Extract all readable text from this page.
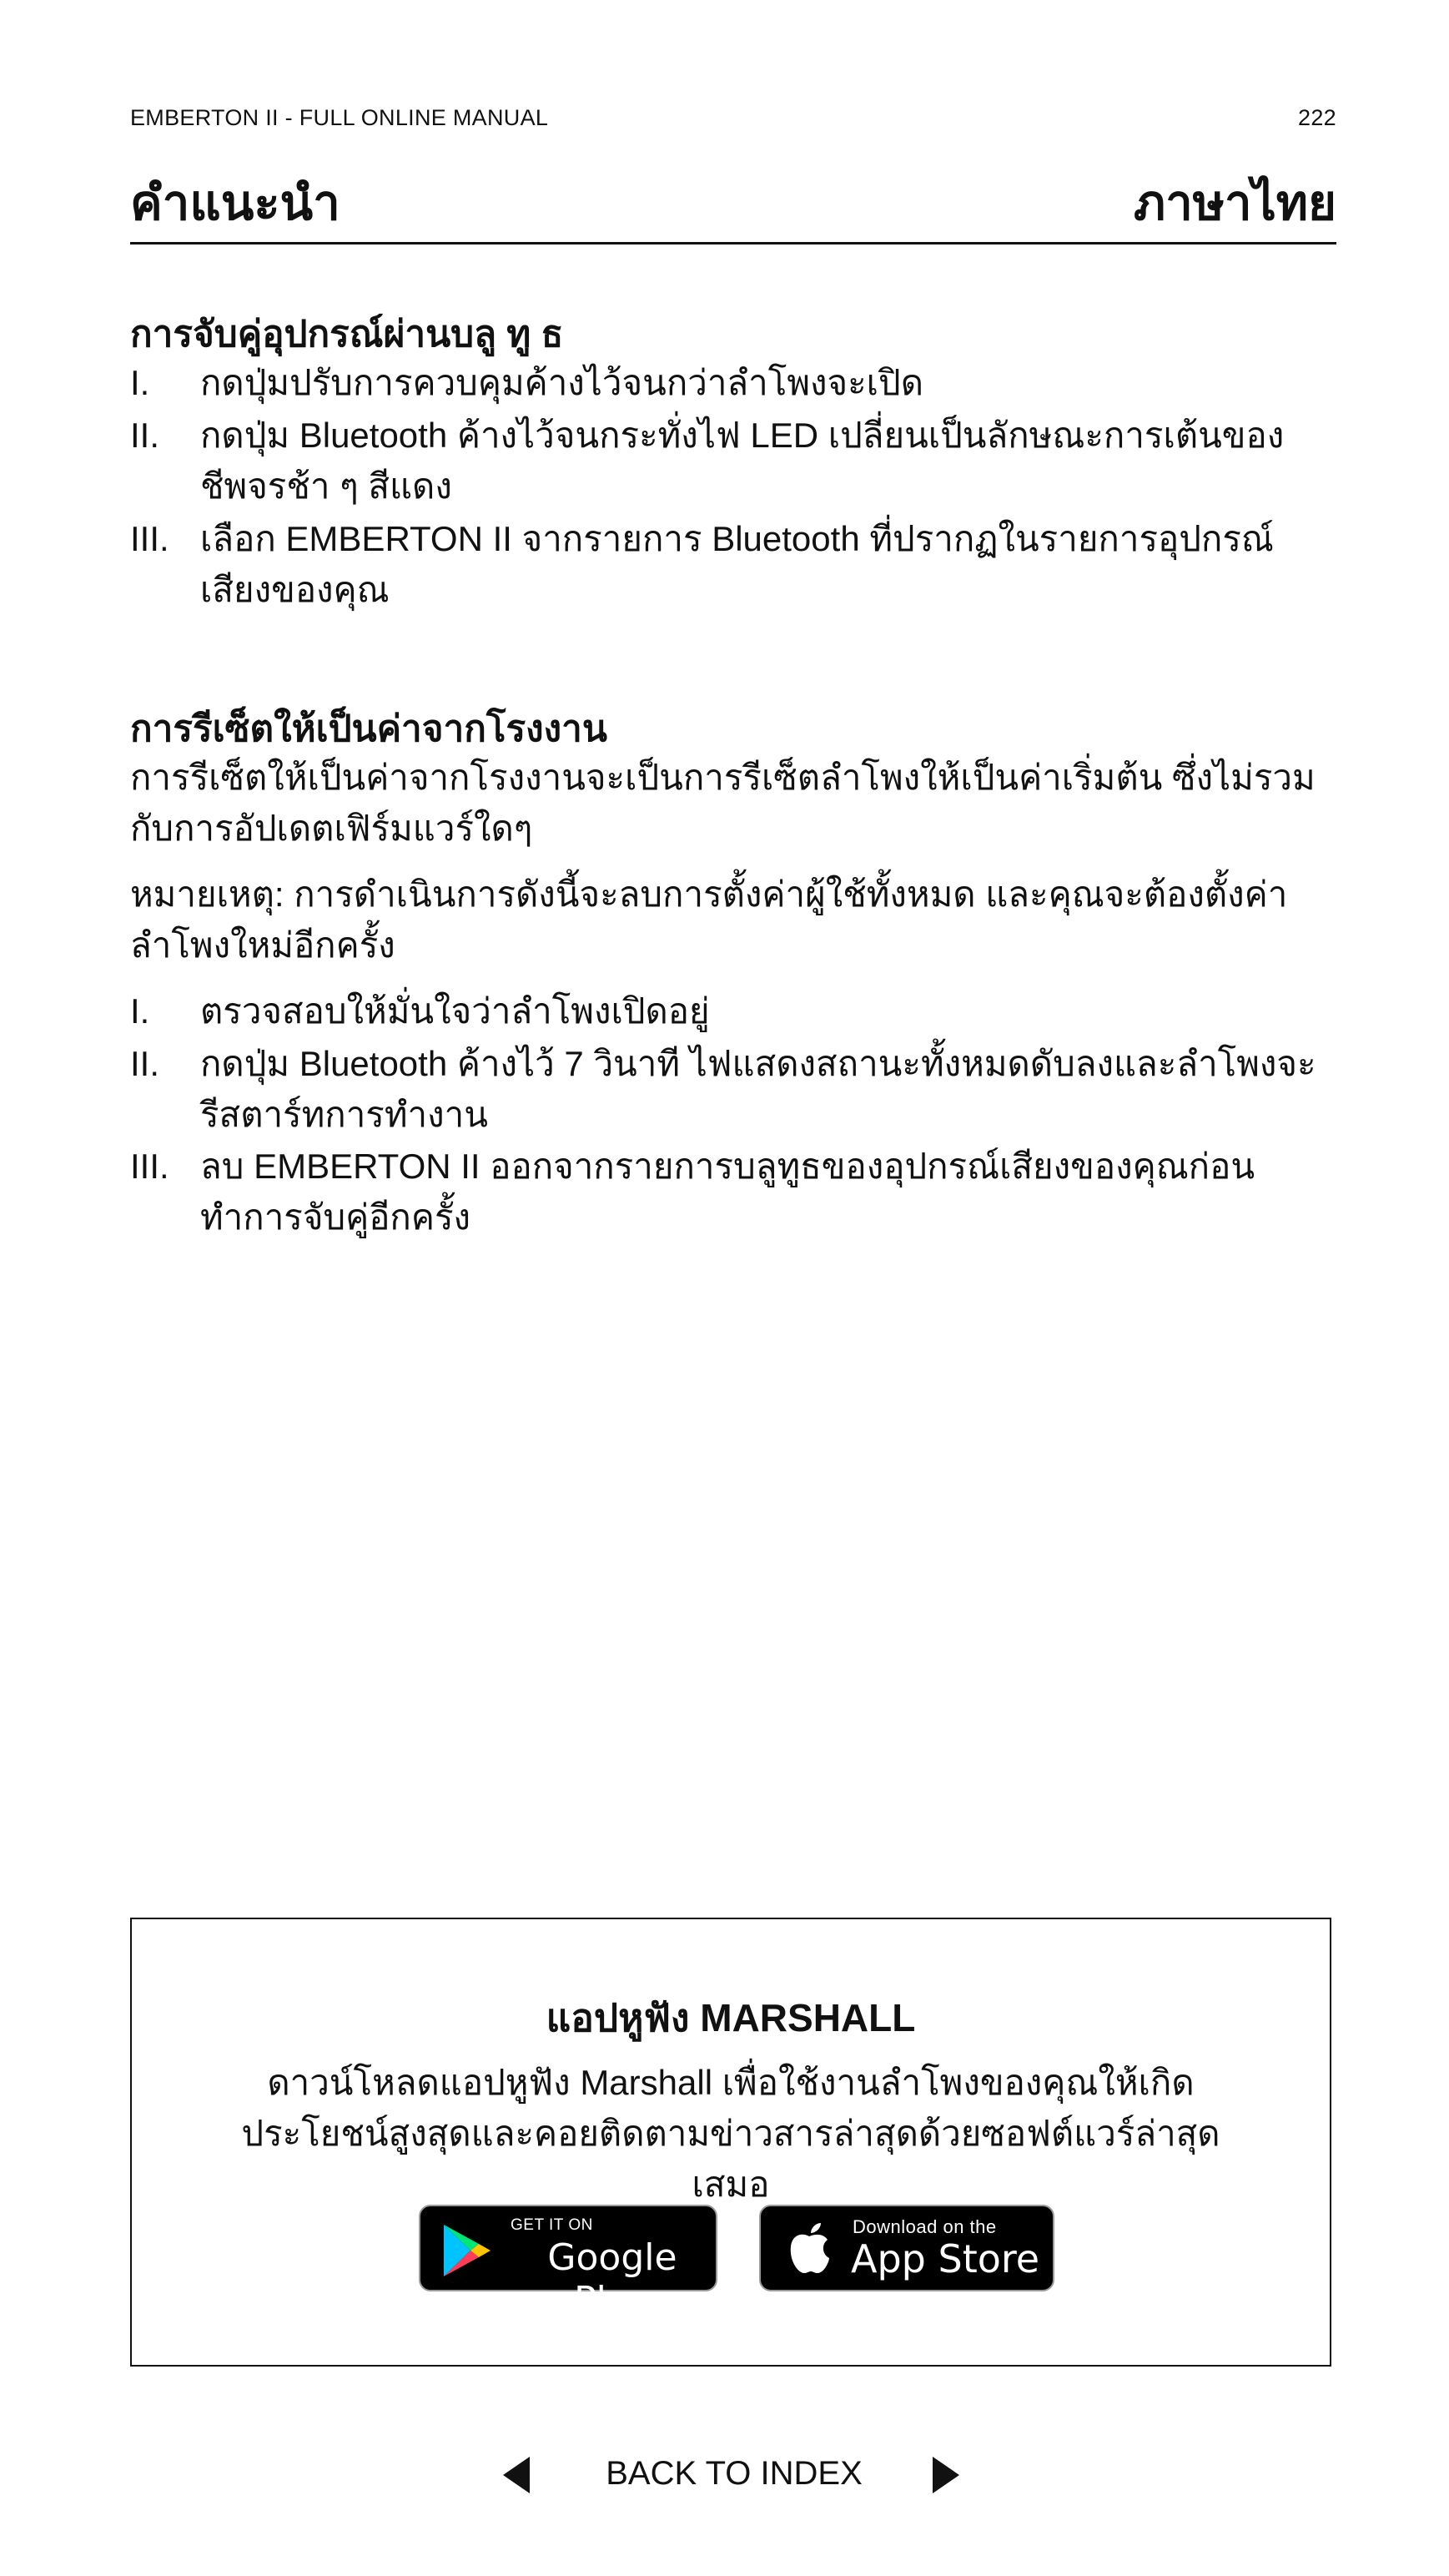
EMBERTON II - FULL ONLINE MANUAL	222
คำแนะนำ	ภาษาไทย
การจับคู่อุปกรณ์ผ่านบลู ทู ธ
I. กดปุ่มปรับการควบคุมค้างไว้จนกว่าลำโพงจะเปิด
II. กดปุ่ม Bluetooth ค้างไว้จนกระทั่งไฟ LED เปลี่ยนเป็นลักษณะการเต้นของชีพจรช้า ๆ สีแดง
III. เลือก EMBERTON II จากรายการ Bluetooth ที่ปรากฏในรายการอุปกรณ์เสียงของคุณ
การรีเซ็ตให้เป็นค่าจากโรงงาน

การรีเซ็ตให้เป็นค่าจากโรงงานจะเป็นการรีเซ็ตลำโพงให้เป็นค่าเริ่มต้น ซึ่งไม่รวมกับการอัปเดตเฟิร์มแวร์ใดๆ

หมายเหตุ: การดำเนินการดังนี้จะลบการตั้งค่าผู้ใช้ทั้งหมด และคุณจะต้องตั้งค่าลำโพงใหม่อีกครั้ง

I. ตรวจสอบให้มั่นใจว่าลำโพงเปิดอยู่
II. กดปุ่ม Bluetooth ค้างไว้ 7 วินาที ไฟแสดงสถานะทั้งหมดดับลงและลำโพงจะรีสตาร์ทการทำงาน
III. ลบ EMBERTON II ออกจากรายการบลูทูธของอุปกรณ์เสียงของคุณก่อนทำการจับคู่อีกครั้ง
แอปหูฟัง MARSHALL
ดาวน์โหลดแอปหูฟัง Marshall เพื่อใช้งานลำโพงของคุณให้เกิดประโยชน์สูงสุดและคอยติดตามข่าวสารล่าสุดด้วยซอฟต์แวร์ล่าสุดเสมอ
GET IT ON
Google Play
Download on the
App Store
BACK TO INDEX
